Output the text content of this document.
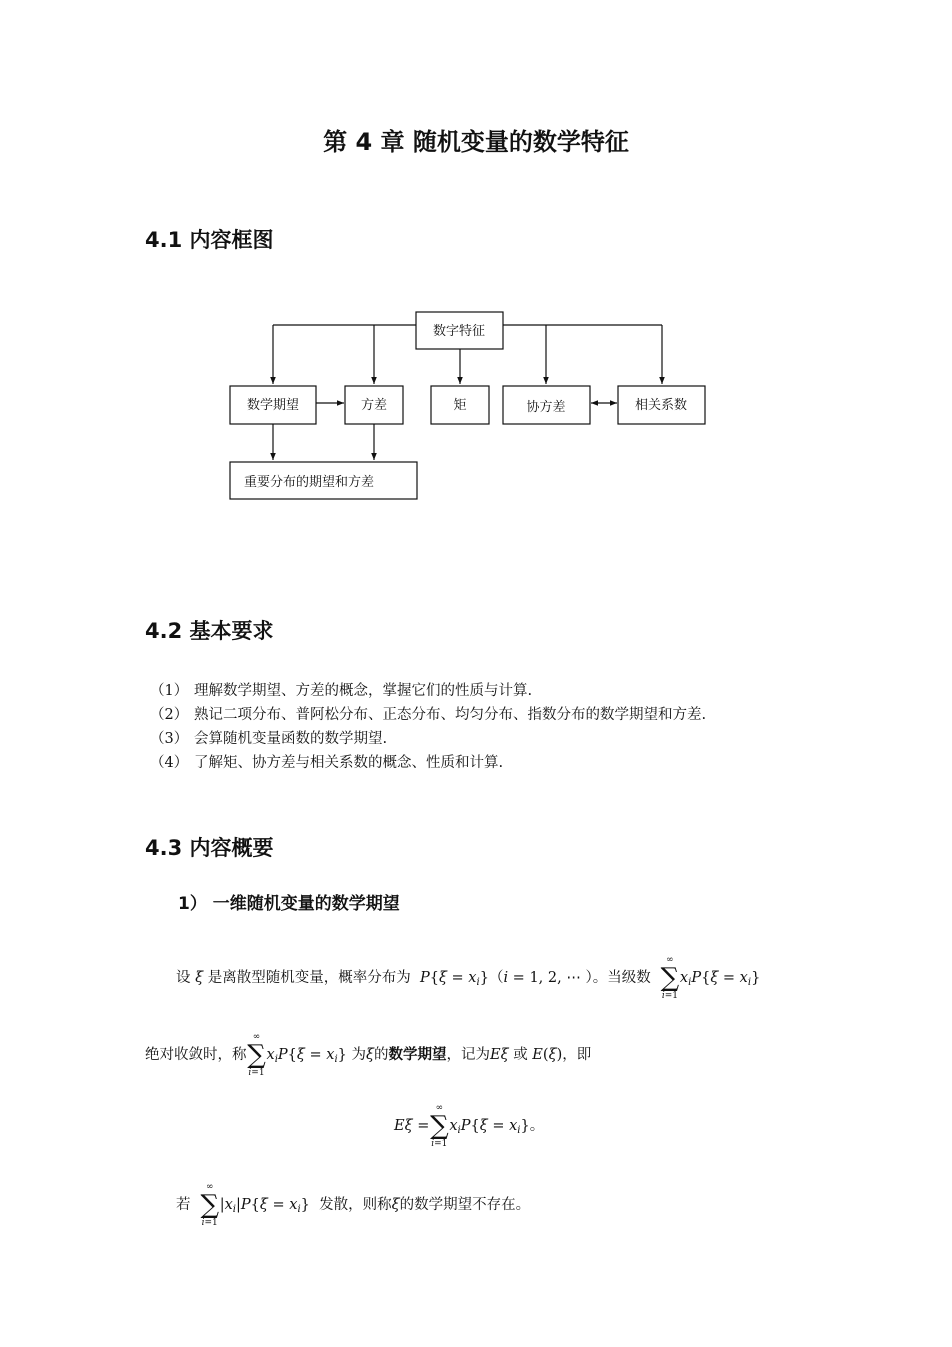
第 4 章 随机变量的数学特征
4.1 内容框图
数字特征
数学期望	方差	矩	协方差	相关系数
重要分布的期望和方差
4.2 基本要求
（1） 理解数学期望、方差的概念，掌握它们的性质与计算.
（2） 熟记二项分布、普阿松分布、正态分布、均匀分布、指数分布的数学期望和方差.
（3） 会算随机变量函数的数学期望.
（4） 了解矩、协方差与相关系数的概念、性质和计算.
4.3 内容概要
1） 一维随机变量的数学期望
设 ξ 是离散型随机变量，概率分布为 $P\{\xi = x_i\}(i = 1$, 2, ⋯ ）。当级数
∞
∑
i=1
$x_iP\{\xi = x_i\}$
绝对收敛时，称
∞
∑
i=1
$x_iP\{\xi = x_i\}$ 为ξ的数学期望，记为Eξ 或 E(ξ)，即
Eξ =
∞
∑
i=1
$x_iP\{\xi = x_i\}$。
若
∞
∑
i=1
$|x_i|P\{\xi = x_i\}$ 发散，则称ξ的数学期望不存在。
